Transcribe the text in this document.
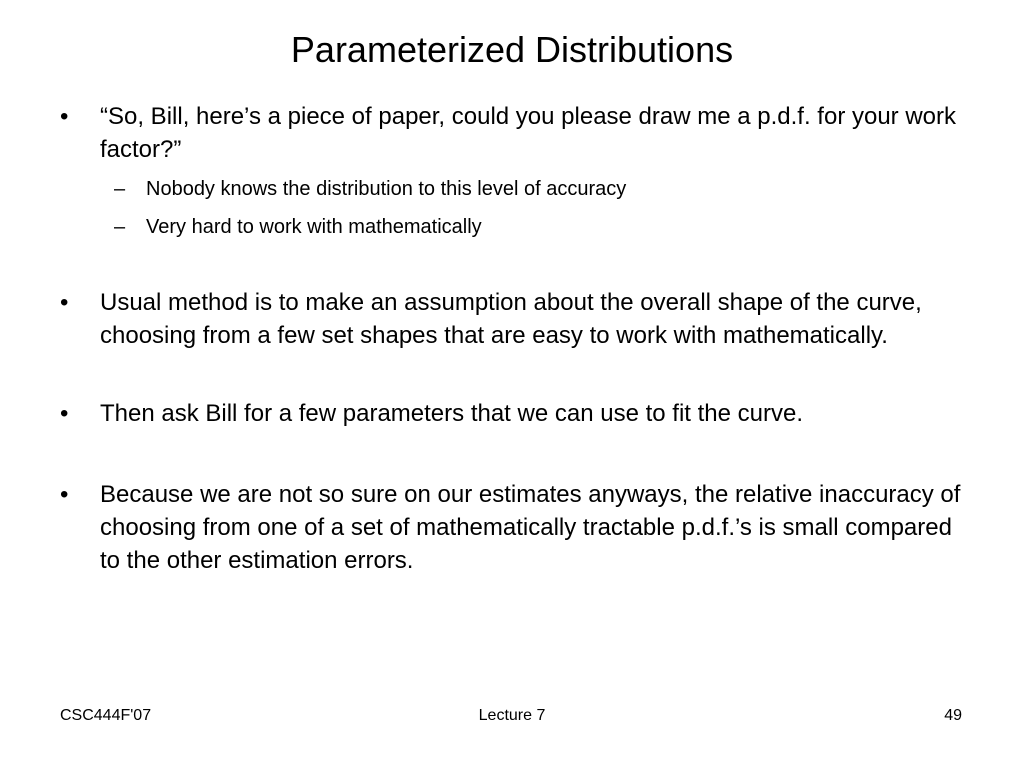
Parameterized Distributions
• “So, Bill, here’s a piece of paper, could you please draw me a p.d.f. for your work factor?”
– Nobody knows the distribution to this level of accuracy
– Very hard to work with mathematically
• Usual method is to make an assumption about the overall shape of the curve, choosing from a few set shapes that are easy to work with mathematically.
• Then ask Bill for a few parameters that we can use to fit the curve.
• Because we are not so sure on our estimates anyways, the relative inaccuracy of choosing from one of a set of mathematically tractable p.d.f.’s is small compared to the other estimation errors.
CSC444F'07	Lecture 7	49
